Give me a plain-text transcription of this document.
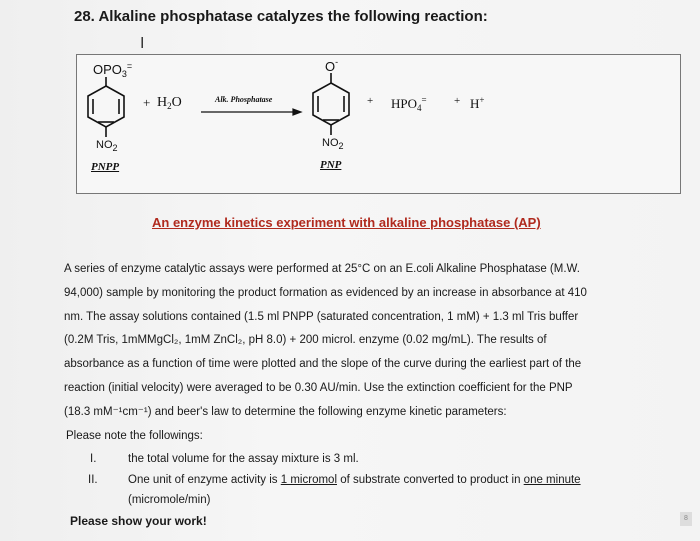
28. Alkaline phosphatase catalyzes the following reaction:
I
$OPO_3^=$
+ $H_2O$	Alk. Phosphatase
$NO_2$
PNPP
O-
$NO_2$
PNP
+ $HPO_4^= + H^+$
An enzyme kinetics experiment with alkaline phosphatase (AP)
A series of enzyme catalytic assays were performed at 25°C on an E.coli Alkaline Phosphatase (M.W.
94,000) sample by monitoring the product formation as evidenced by an increase in absorbance at 410
nm. The assay solutions contained (1.5 ml PNPP (saturated concentration, 1 mM) + 1.3 ml Tris buffer
(0.2M Tris, 1mMMgCl₂, 1mM ZnCl₂, pH 8.0) + 200 microl. enzyme (0.02 mg/mL). The results of
absorbance as a function of time were plotted and the slope of the curve during the earliest part of the
reaction (initial velocity) were averaged to be 0.30 AU/min. Use the extinction coefficient for the PNP
(18.3 mM⁻¹cm⁻¹) and beer's law to determine the following enzyme kinetic parameters:
Please note the followings:
I.	the total volume for the assay mixture is 3 ml.
II.	One unit of enzyme activity is 1 micromol of substrate converted to product in one minute
(micromole/min)
Please show your work!	8
